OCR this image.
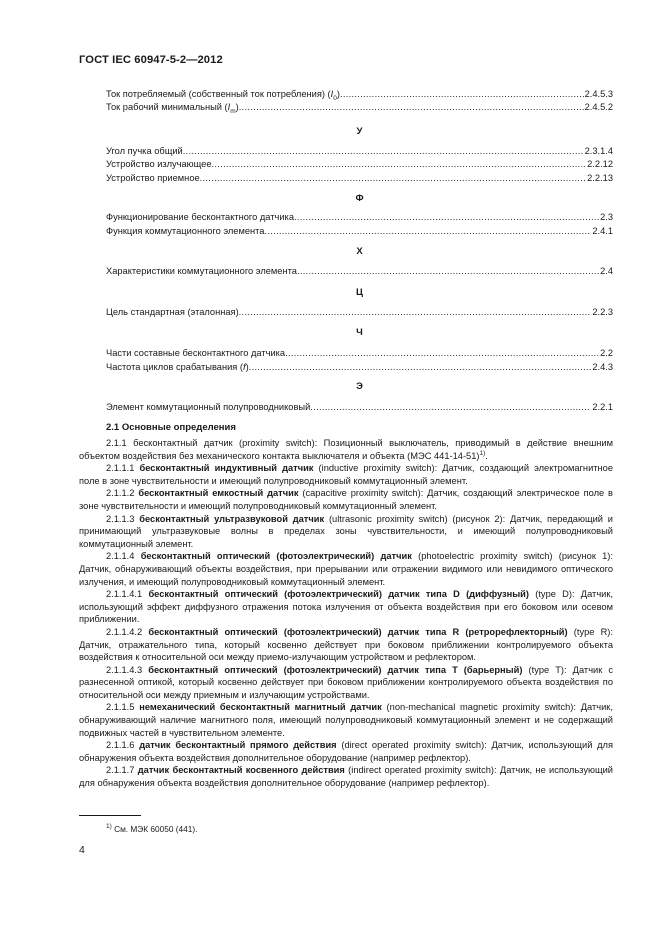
ГОСТ IEC 60947-5-2—2012
Ток потребляемый (собственный ток потребления) $(I_0)$ .....	2.4.5.3
Ток рабочий минимальный $(I_m)$ .....	2.4.5.2
У
Угол пучка общий .....	2.3.1.4
Устройство излучающее .....	2.2.12
Устройство приемное .....	2.2.13
Ф
Функционирование бесконтактного датчика .....	2.3
Функция коммутационного элемента .....	2.4.1
Х
Характеристики коммутационного элемента .....	2.4
Ц
Цель стандартная (эталонная) .....	2.2.3
Ч
Части составные бесконтактного датчика .....	2.2
Частота циклов срабатывания (f) .....	2.4.3
Э
Элемент коммутационный полупроводниковый .....	2.2.1
2.1 Основные определения

2.1.1 бесконтактный датчик (proximity switch): Позиционный выключатель, приводимый в действие внешним объектом воздействия без механического контакта выключателя и объекта (МЭС 441-14-51)$^{1)}$.

2.1.1.1 бесконтактный индуктивный датчик (inductive proximity switch): Датчик, создающий электромагнитное поле в зоне чувствительности и имеющий полупроводниковый коммутационный элемент.

2.1.1.2 бесконтактный емкостный датчик (capacitive proximity switch): Датчик, создающий электрическое поле в зоне чувствительности и имеющий полупроводниковый коммутационный элемент.

2.1.1.3 бесконтактный ультразвуковой датчик (ultrasonic proximity switch) (рисунок 2): Датчик, передающий и принимающий ультразвуковые волны в пределах зоны чувствительности, и имеющий полупроводниковый коммутационный элемент.

2.1.1.4 бесконтактный оптический (фотоэлектрический) датчик (photoelectric proximity switch) (рисунок 1): Датчик, обнаруживающий объекты воздействия, при прерывании или отражении видимого или невидимого оптического излучения, и имеющий полупроводниковый коммутационный элемент.

2.1.1.4.1 бесконтактный оптический (фотоэлектрический) датчик типа D (диффузный) (type D): Датчик, использующий эффект диффузного отражения потока излучения от объекта воздействия при его боковом или осевом приближении.

2.1.1.4.2 бесконтактный оптический (фотоэлектрический) датчик типа R (ретрорефлекторный) (type R): Датчик, отражательного типа, который косвенно действует при боковом приближении контролируемого объекта воздействия к относительной оси между приемо-излучающим устройством и рефлектором.

2.1.1.4.3 бесконтактный оптический (фотоэлектрический) датчик типа Т (барьерный) (type Т): Датчик с разнесенной оптикой, который косвенно действует при боковом приближении контролируемого объекта воздействия по относительной оси между приемным и излучающим устройствами.

2.1.1.5 немеханический бесконтактный магнитный датчик (non-mechanical magnetic proximity switch): Датчик, обнаруживающий наличие магнитного поля, имеющий полупроводниковый коммутационный элемент и не содержащий подвижных частей в чувствительном элементе.

2.1.1.6 датчик бесконтактный прямого действия (direct operated proximity switch): Датчик, использующий для обнаружения объекта воздействия дополнительное оборудование (например рефлектор).

2.1.1.7 датчик бесконтактный косвенного действия (indirect operated proximity switch): Датчик, не использующий для обнаружения объекта воздействия дополнительное оборудование (например рефлектор).

$^{1)}$ См. МЭК 60050 (441).
4
